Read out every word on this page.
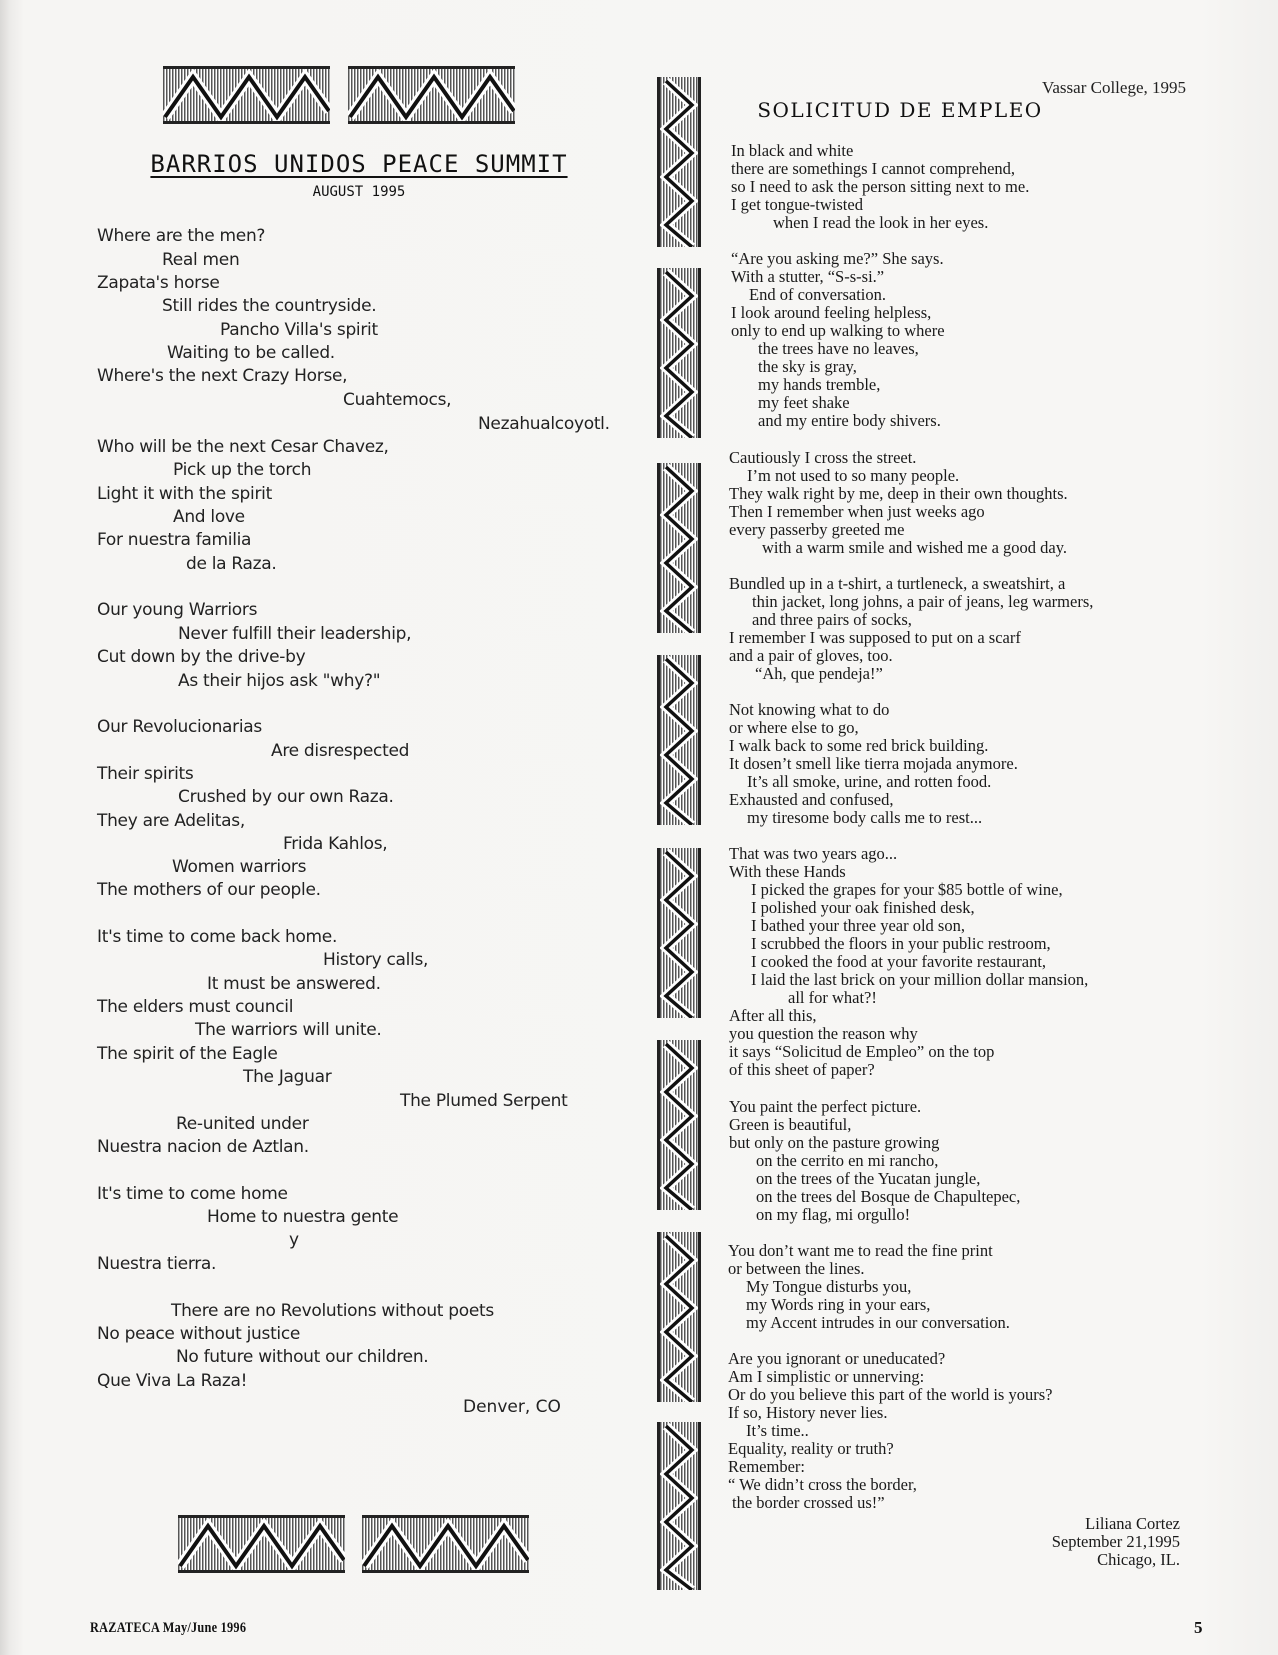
BARRIOS UNIDOS PEACE SUMMIT
AUGUST 1995
Where are the men?
Real men
Zapata's horse
Still rides the countryside.
Pancho Villa's spirit
Waiting to be called.
Where's the next Crazy Horse,
Cuahtemocs,
Nezahualcoyotl.
Who will be the next Cesar Chavez,
Pick up the torch
Light it with the spirit
And love
For nuestra familia
de la Raza.
Our young Warriors
Never fulfill their leadership,
Cut down by the drive-by
As their hijos ask "why?"
Our Revolucionarias
Are disrespected
Their spirits
Crushed by our own Raza.
They are Adelitas,
Frida Kahlos,
Women warriors
The mothers of our people.
It's time to come back home.
History calls,
It must be answered.
The elders must council
The warriors will unite.
The spirit of the Eagle
The Jaguar
The Plumed Serpent
Re-united under
Nuestra nacion de Aztlan.
It's time to come home
Home to nuestra gente
y
Nuestra tierra.
There are no Revolutions without poets
No peace without justice
No future without our children.
Que Viva La Raza!
Denver, CO
Vassar College, 1995
SOLICITUD DE EMPLEO
In black and white
there are somethings I cannot comprehend,
so I need to ask the person sitting next to me.
I get tongue-twisted
when I read the look in her eyes.
“Are you asking me?” She says.
With a stutter, “S-s-si.”
End of conversation.
I look around feeling helpless,
only to end up walking to where
the trees have no leaves,
the sky is gray,
my hands tremble,
my feet shake
and my entire body shivers.
Cautiously I cross the street.
I’m not used to so many people.
They walk right by me, deep in their own thoughts.
Then I remember when just weeks ago
every passerby greeted me
with a warm smile and wished me a good day.
Bundled up in a t-shirt, a turtleneck, a sweatshirt, a
thin jacket, long johns, a pair of jeans, leg warmers,
and three pairs of socks,
I remember I was supposed to put on a scarf
and a pair of gloves, too.
“Ah, que pendeja!”
Not knowing what to do
or where else to go,
I walk back to some red brick building.
It dosen’t smell like tierra mojada anymore.
It’s all smoke, urine, and rotten food.
Exhausted and confused,
my tiresome body calls me to rest...
That was two years ago...
With these Hands
I picked the grapes for your $85 bottle of wine,
I polished your oak finished desk,
I bathed your three year old son,
I scrubbed the floors in your public restroom,
I cooked the food at your favorite restaurant,
I laid the last brick on your million dollar mansion,
all for what?!
After all this,
you question the reason why
it says “Solicitud de Empleo” on the top
of this sheet of paper?
You paint the perfect picture.
Green is beautiful,
but only on the pasture growing
on the cerrito en mi rancho,
on the trees of the Yucatan jungle,
on the trees del Bosque de Chapultepec,
on my flag, mi orgullo!
You don’t want me to read the fine print
or between the lines.
My Tongue disturbs you,
my Words ring in your ears,
my Accent intrudes in our conversation.
Are you ignorant or uneducated?
Am I simplistic or unnerving:
Or do you believe this part of the world is yours?
If so, History never lies.
It’s time..
Equality, reality or truth?
Remember:
“ We didn’t cross the border,
the border crossed us!”
Liliana Cortez
September 21,1995
Chicago, IL.
RAZATECA May/June 1996	5
